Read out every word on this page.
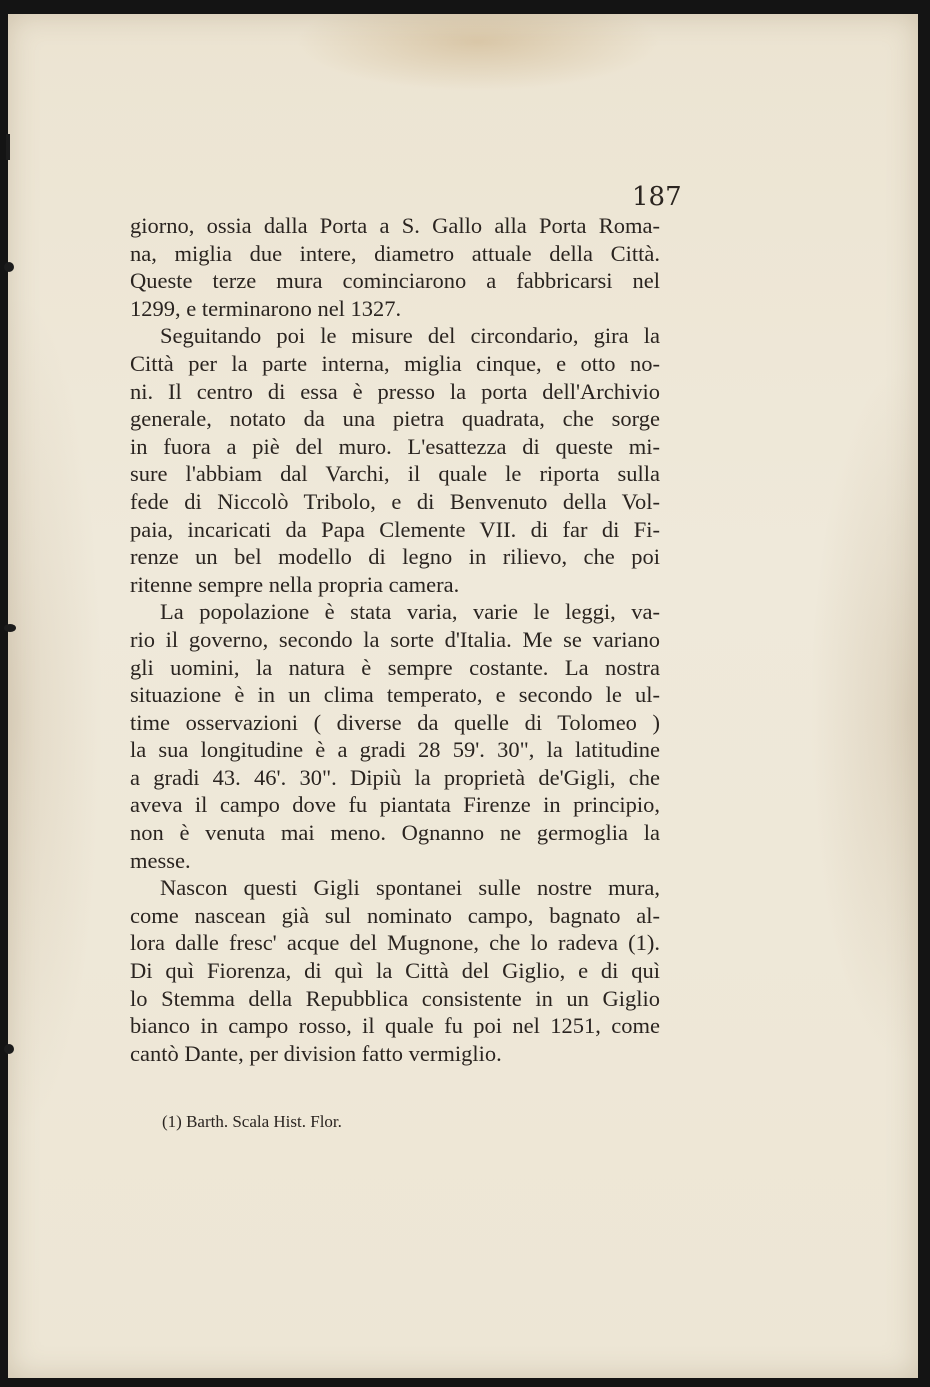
187
giorno, ossia dalla Porta a S. Gallo alla Porta Roma-
na, miglia due intere, diametro attuale della Città.
Queste terze mura cominciarono a fabbricarsi nel
1299, e terminarono nel 1327.
Seguitando poi le misure del circondario, gira la
Città per la parte interna, miglia cinque, e otto no-
ni. Il centro di essa è presso la porta dell'Archivio
generale, notato da una pietra quadrata, che sorge
in fuora a piè del muro. L'esattezza di queste mi-
sure l'abbiam dal Varchi, il quale le riporta sulla
fede di Niccolò Tribolo, e di Benvenuto della Vol-
paia, incaricati da Papa Clemente VII. di far di Fi-
renze un bel modello di legno in rilievo, che poi
ritenne sempre nella propria camera.
La popolazione è stata varia, varie le leggi, va-
rio il governo, secondo la sorte d'Italia. Me se variano
gli uomini, la natura è sempre costante. La nostra
situazione è in un clima temperato, e secondo le ul-
time osservazioni ( diverse da quelle di Tolomeo )
la sua longitudine è a gradi 28 59'. 30", la latitudine
a gradi 43. 46'. 30". Dipiù la proprietà de'Gigli, che
aveva il campo dove fu piantata Firenze in principio,
non è venuta mai meno. Ognanno ne germoglia la
messe.
Nascon questi Gigli spontanei sulle nostre mura,
come nascean già sul nominato campo, bagnato al-
lora dalle fresc' acque del Mugnone, che lo radeva (1).
Di quì Fiorenza, di quì la Città del Giglio, e di quì
lo Stemma della Repubblica consistente in un Giglio
bianco in campo rosso, il quale fu poi nel 1251, come
cantò Dante, per division fatto vermiglio.
(1) Barth. Scala Hist. Flor.
